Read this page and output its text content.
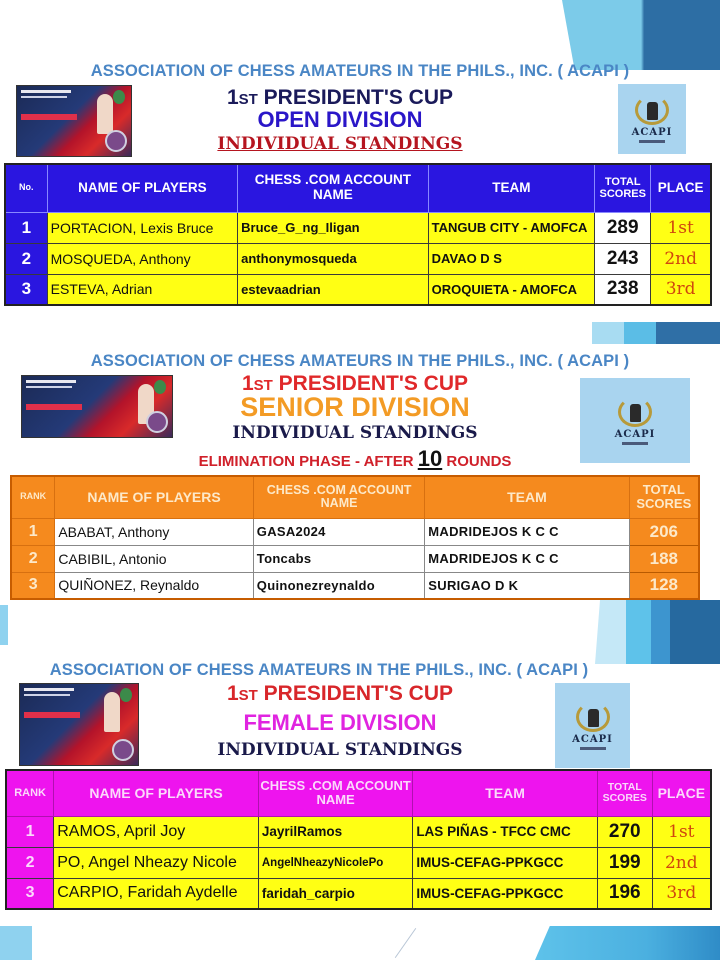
ASSOCIATION OF CHESS AMATEURS IN THE PHILS., INC. ( ACAPI )
1ST PRESIDENT'S CUP
OPEN DIVISION
INDIVIDUAL STANDINGS
ACAPI
No.	NAME OF PLAYERS	CHESS .COM ACCOUNT NAME	TEAM	TOTAL SCORES	PLACE
1	PORTACION, Lexis Bruce	Bruce_G_ng_Iligan	TANGUB CITY - AMOFCA	289	1st
2	MOSQUEDA, Anthony	anthonymosqueda	DAVAO D S	243	2nd
3	ESTEVA, Adrian	estevaadrian	OROQUIETA - AMOFCA	238	3rd
ASSOCIATION OF CHESS AMATEURS IN THE PHILS., INC. ( ACAPI )
1ST PRESIDENT'S CUP
SENIOR DIVISION
INDIVIDUAL STANDINGS
ELIMINATION PHASE - AFTER 10 ROUNDS
ACAPI
RANK	NAME OF PLAYERS	CHESS .COM ACCOUNT NAME	TEAM	TOTAL SCORES
1	ABABAT, Anthony	GASA2024	MADRIDEJOS K C C	206
2	CABIBIL, Antonio	Toncabs	MADRIDEJOS K C C	188
3	QUIÑONEZ, Reynaldo	Quinonezreynaldo	SURIGAO D K	128
ASSOCIATION OF CHESS AMATEURS IN THE PHILS., INC. ( ACAPI )
1ST PRESIDENT'S CUP
FEMALE DIVISION
INDIVIDUAL STANDINGS
ACAPI
RANK	NAME OF PLAYERS	CHESS .COM ACCOUNT NAME	TEAM	TOTAL SCORES	PLACE
1	RAMOS, April Joy	JayrilRamos	LAS PIÑAS - TFCC CMC	270	1st
2	PO, Angel Nheazy Nicole	AngelNheazyNicolePo	IMUS-CEFAG-PPKGCC	199	2nd
3	CARPIO, Faridah Aydelle	faridah_carpio	IMUS-CEFAG-PPKGCC	196	3rd
